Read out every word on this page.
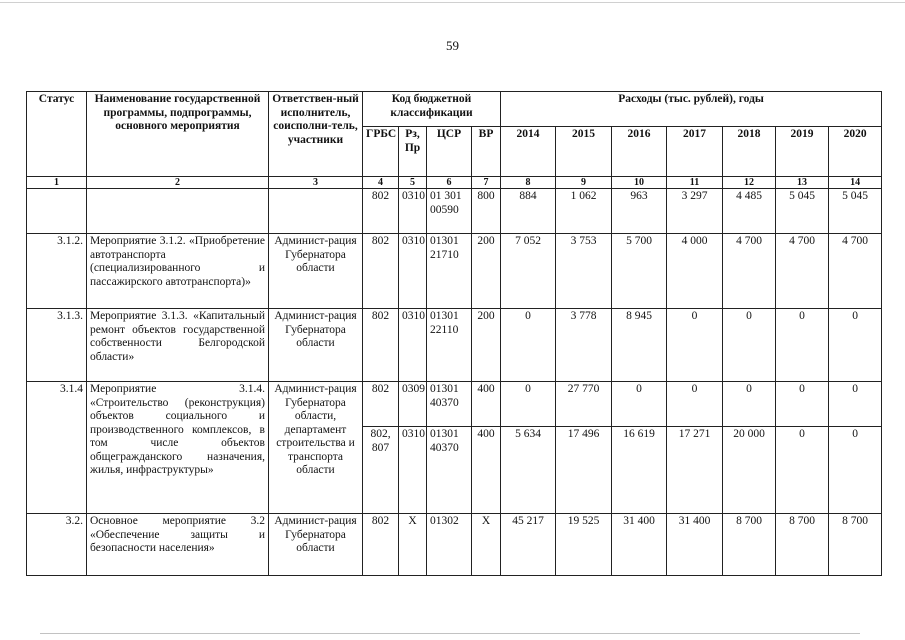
59
Статус	Наименование государственной программы, подпрограммы, основного мероприятия	Ответствен-ный исполнитель, соисполни-тель, участники	Код бюджетной классификации				Расходы (тыс. рублей), годы						
			ГРБС	Рз, Пр	ЦСР	ВР	2014	2015	2016	2017	2018	2019	2020
1	2	3	4	5	6	7	8	9	10	11	12	13	14
			802	0310	01 301 00590	800	884	1 062	963	3 297	4 485	5 045	5 045
3.1.2.	Мероприятие 3.1.2. «Приобретение автотранспорта (специализированного и пассажирского автотранспорта)»	Админист-рация Губернатора области	802	0310	01301 21710	200	7 052	3 753	5 700	4 000	4 700	4 700	4 700
3.1.3.	Мероприятие 3.1.3. «Капитальный ремонт объектов государственной собственности Белгородской области»	Админист-рация Губернатора области	802	0310	01301 22110	200	0	3 778	8 945	0	0	0	0
3.1.4	Мероприятие 3.1.4. «Строительство (реконструкция) объектов социального и производственного комплексов, в том числе объектов общегражданского назначения, жилья, инфраструктуры»	Админист-рация Губернатора области, департамент строительства и транспорта области	802	0309	01301 40370	400	0	27 770	0	0	0	0	0
			802, 807	0310	01301 40370	400	5 634	17 496	16 619	17 271	20 000	0	0
3.2.	Основное мероприятие 3.2 «Обеспечение защиты и безопасности населения»	Админист-рация Губернатора области	802	Х	01302	Х	45 217	19 525	31 400	31 400	8 700	8 700	8 700
